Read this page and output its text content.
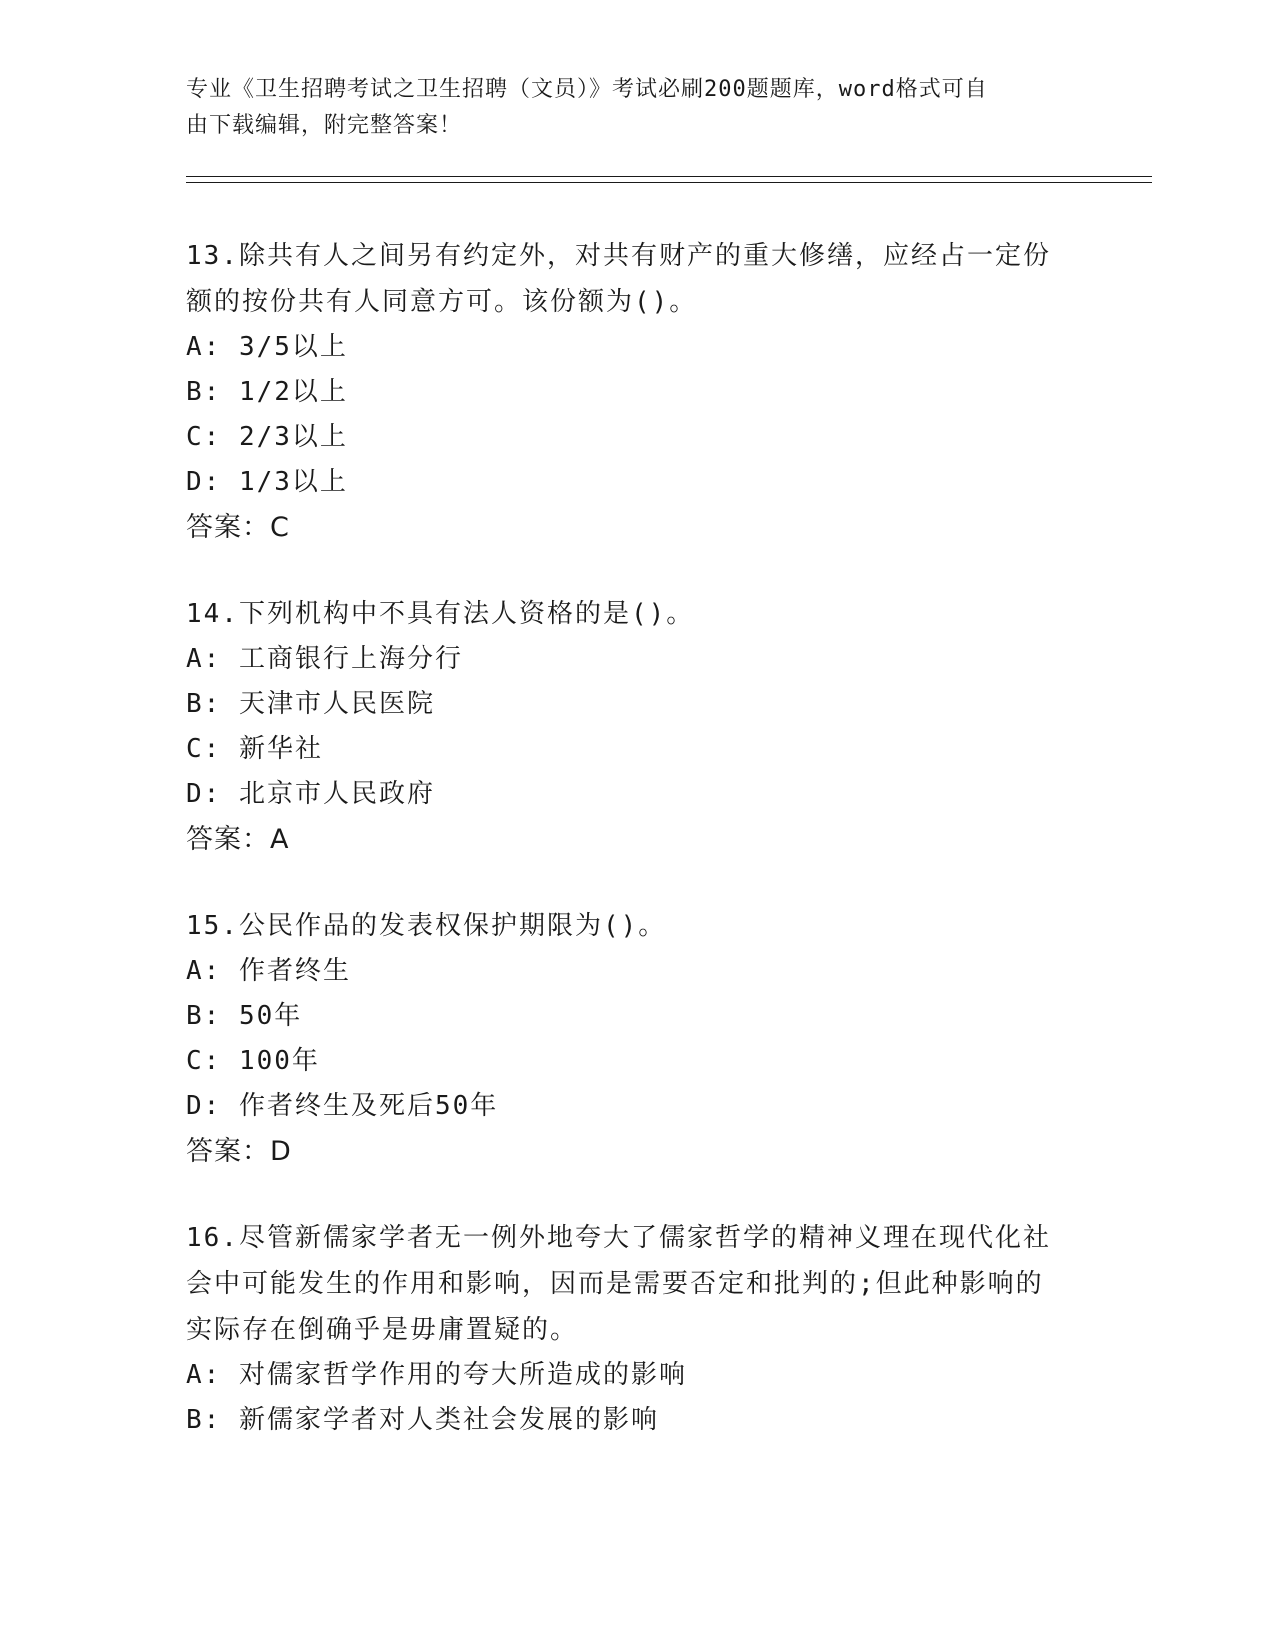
专业《卫生招聘考试之卫生招聘（文员）》考试必刷200题题库，word格式可自
由下载编辑，附完整答案！
13.除共有人之间另有约定外，对共有财产的重大修缮，应经占一定份
额的按份共有人同意方可。该份额为()。
A: 3/5以上
B: 1/2以上
C: 2/3以上
D: 1/3以上
答案：C
14.下列机构中不具有法人资格的是()。
A: 工商银行上海分行
B: 天津市人民医院
C: 新华社
D: 北京市人民政府
答案：A
15.公民作品的发表权保护期限为()。
A: 作者终生
B: 50年
C: 100年
D: 作者终生及死后50年
答案：D
16.尽管新儒家学者无一例外地夸大了儒家哲学的精神义理在现代化社
会中可能发生的作用和影响，因而是需要否定和批判的;但此种影响的
实际存在倒确乎是毋庸置疑的。
A: 对儒家哲学作用的夸大所造成的影响
B: 新儒家学者对人类社会发展的影响
